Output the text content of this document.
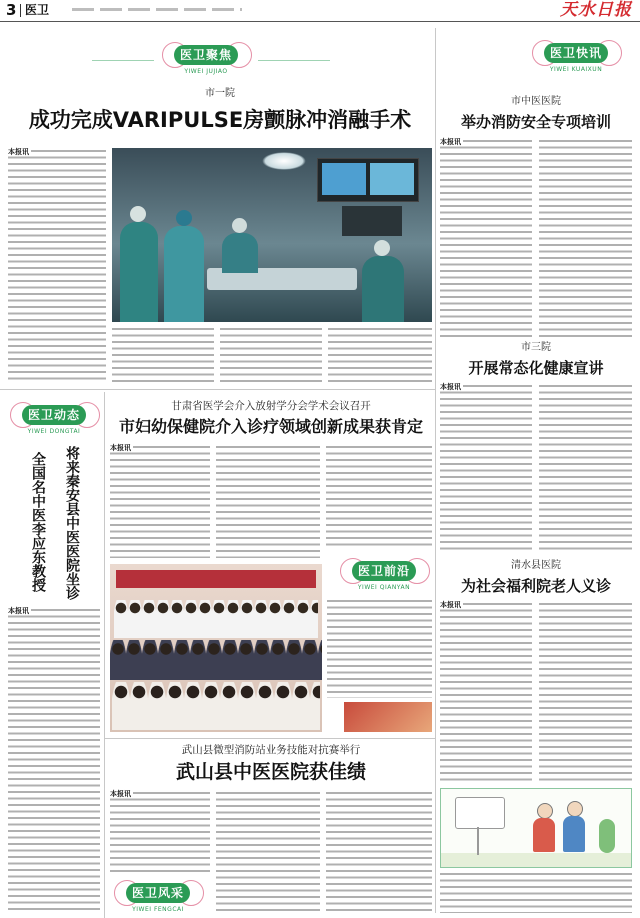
3 医卫	天水日报
医卫聚焦
YIWEI JUJIAO
市一院
成功完成VARIPULSE房颤脉冲消融手术
本报讯
医卫快讯
YIWEI KUAIXUN
市中医医院
举办消防安全专项培训
本报讯
市三院
开展常态化健康宣讲
本报讯
清水县医院
为社会福利院老人义诊
本报讯
医卫动态
YIWEI DONGTAI
全国名中医李应东教授 将来秦安县中医医院坐诊
本报讯
甘肃省医学会介入放射学分会学术会议召开
市妇幼保健院介入诊疗领域创新成果获肯定
本报讯
医卫前沿
YIWEI QIANYAN
武山县微型消防站业务技能对抗赛举行
武山县中医医院获佳绩
本报讯
医卫风采
YIWEI FENGCAI
